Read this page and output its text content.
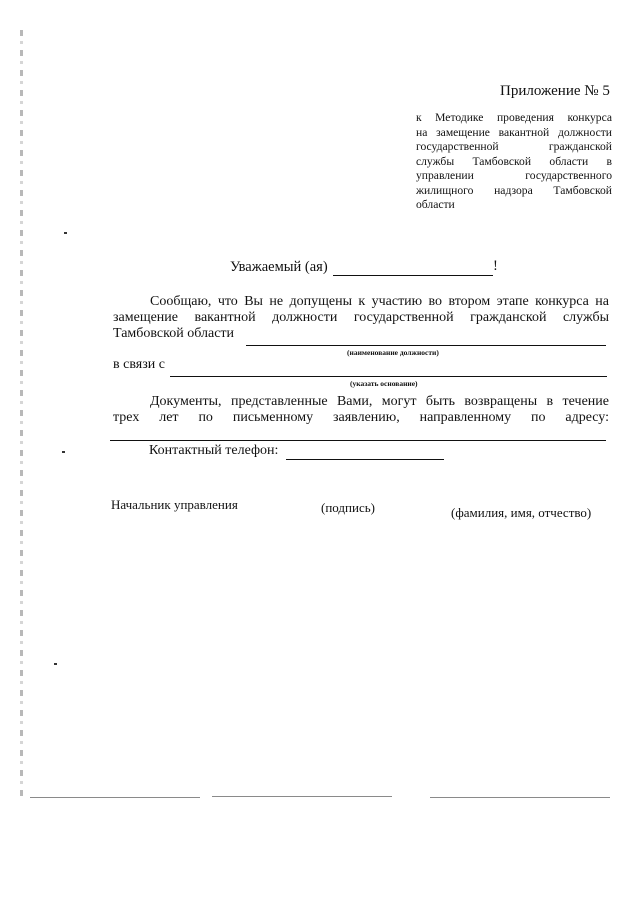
Приложение № 5
к Методике проведения конкурса
на замещение вакантной должности
государственной гражданской
службы Тамбовской области в
управлении государственного
жилищного надзора Тамбовской
области
Уважаемый (ая)	!
Сообщаю, что Вы не допущены к участию во втором этапе конкурса на
замещение вакантной должности государственной гражданской службы
Тамбовской области
(наименование должности)
в связи с
(указать основание)
Документы, представленные Вами, могут быть возвращены в течение
трех лет по письменному заявлению, направленному по адресу:
Контактный телефон:
Начальник управления	(подпись)	(фамилия, имя, отчество)
